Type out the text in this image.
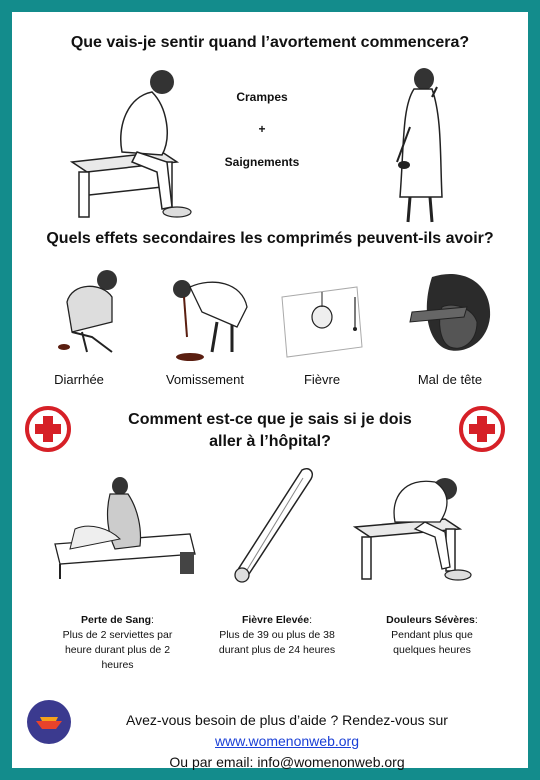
Que vais-je sentir quand l’avortement commencera?
Crampes
+
Saignements
Quels effets secondaires les comprimés peuvent-ils avoir?
Diarrhée	Vomissement	Fièvre	Mal de tête
Comment est-ce que je sais si je dois
aller à l’hôpital?
Perte de Sang:
Plus de 2 serviettes par
heure durant plus de 2
heures
Fièvre Elevée:
Plus de 39 ou plus de 38
durant plus de 24 heures
Douleurs Sévères:
Pendant plus que
quelques heures
Avez-vous besoin de plus d’aide ? Rendez-vous sur
www.womenonweb.org
Ou par email: info@womenonweb.org
